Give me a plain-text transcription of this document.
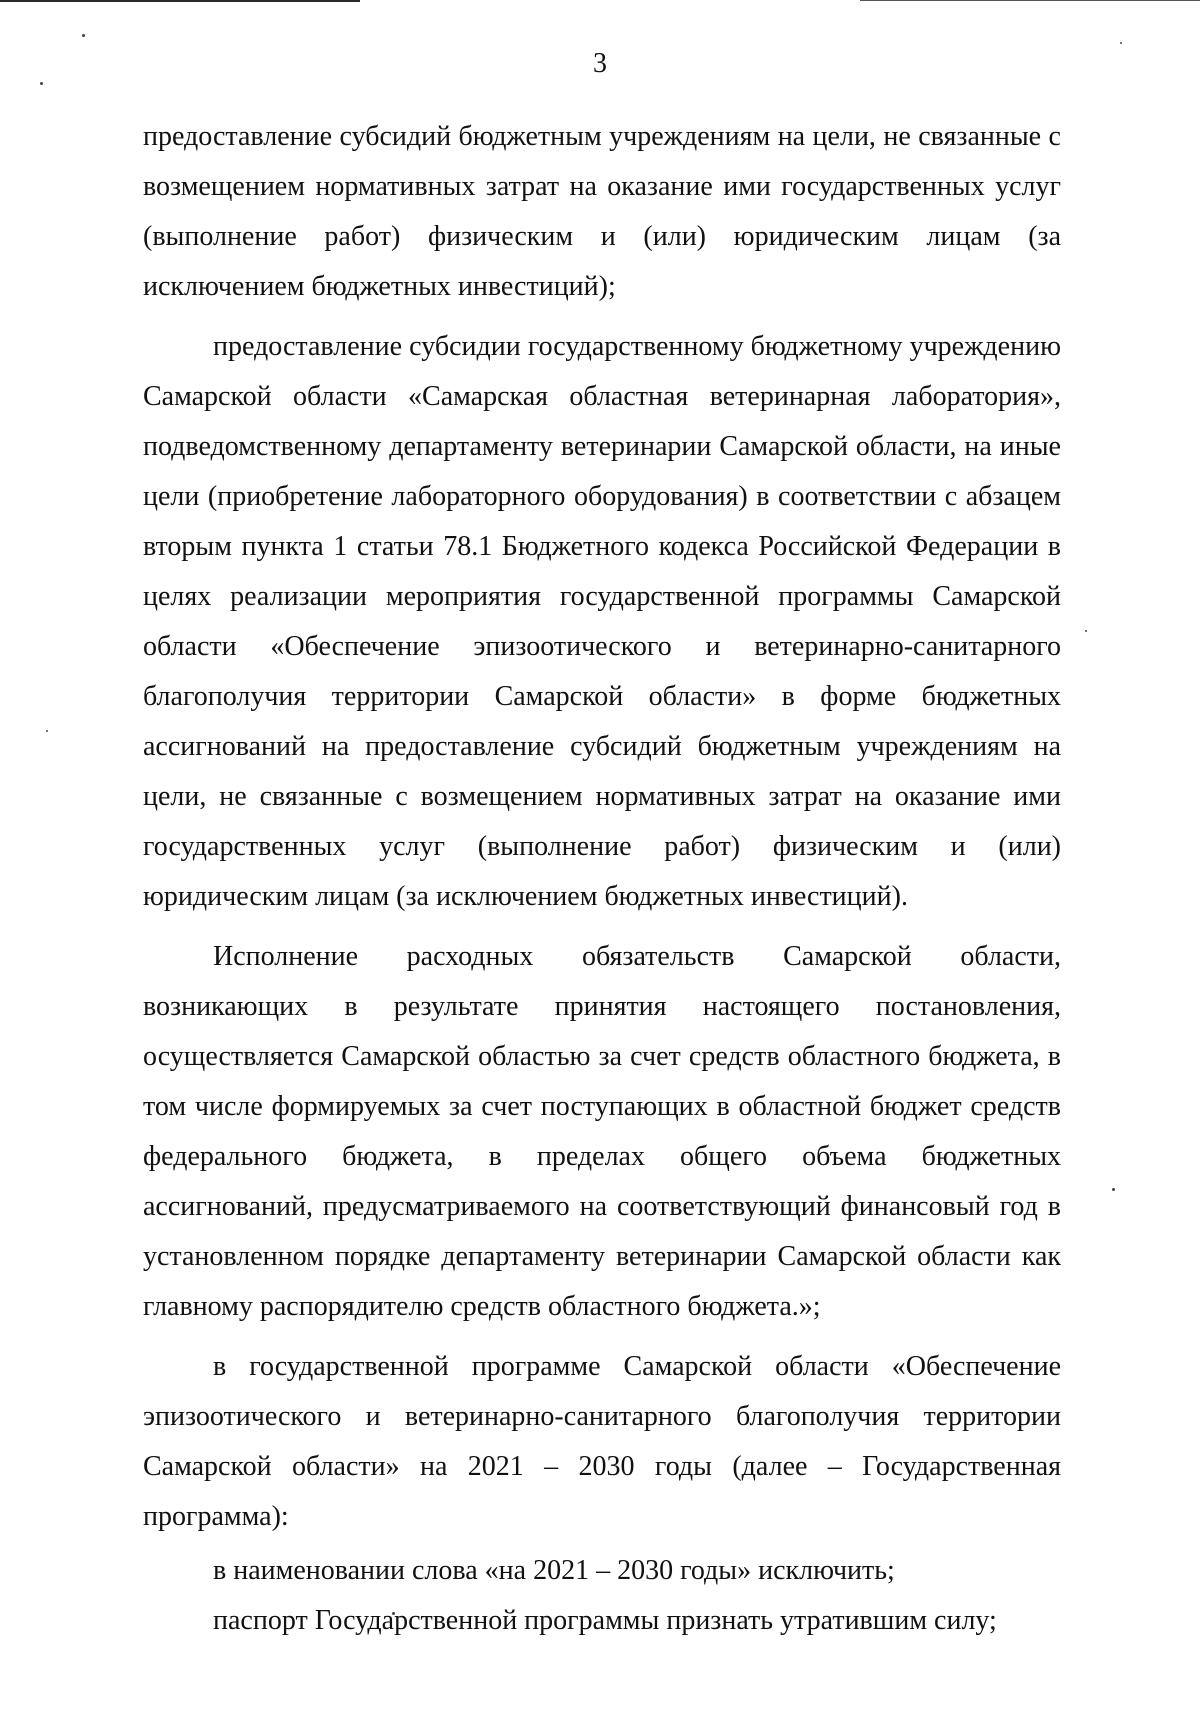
3

предоставление субсидий бюджетным учреждениям на цели, не связанные с возмещением нормативных затрат на оказание ими государственных услуг (выполнение работ) физическим и (или) юридическим лицам (за исключением бюджетных инвестиций);

предоставление субсидии государственному бюджетному учреждению Самарской области «Самарская областная ветеринарная лаборатория», подведомственному департаменту ветеринарии Самарской области, на иные цели (приобретение лабораторного оборудования) в соответствии с абзацем вторым пункта 1 статьи 78.1 Бюджетного кодекса Российской Федерации в целях реализации мероприятия государственной программы Самарской области «Обеспечение эпизоотического и ветеринарно-санитарного благополучия территории Самарской области» в форме бюджетных ассигнований на предоставление субсидий бюджетным учреждениям на цели, не связанные с возмещением нормативных затрат на оказание ими государственных услуг (выполнение работ) физическим и (или) юридическим лицам (за исключением бюджетных инвестиций).

Исполнение расходных обязательств Самарской области, возникающих в результате принятия настоящего постановления, осуществляется Самарской областью за счет средств областного бюджета, в том числе формируемых за счет поступающих в областной бюджет средств федерального бюджета, в пределах общего объема бюджетных ассигнований, предусматриваемого на соответствующий финансовый год в установленном порядке департаменту ветеринарии Самарской области как главному распорядителю средств областного бюджета.»;

в государственной программе Самарской области «Обеспечение эпизоотического и ветеринарно-санитарного благополучия территории Самарской области» на 2021 – 2030 годы (далее – Государственная программа):

в наименовании слова «на 2021 – 2030 годы» исключить;

паспорт Государственной программы признать утратившим силу;
